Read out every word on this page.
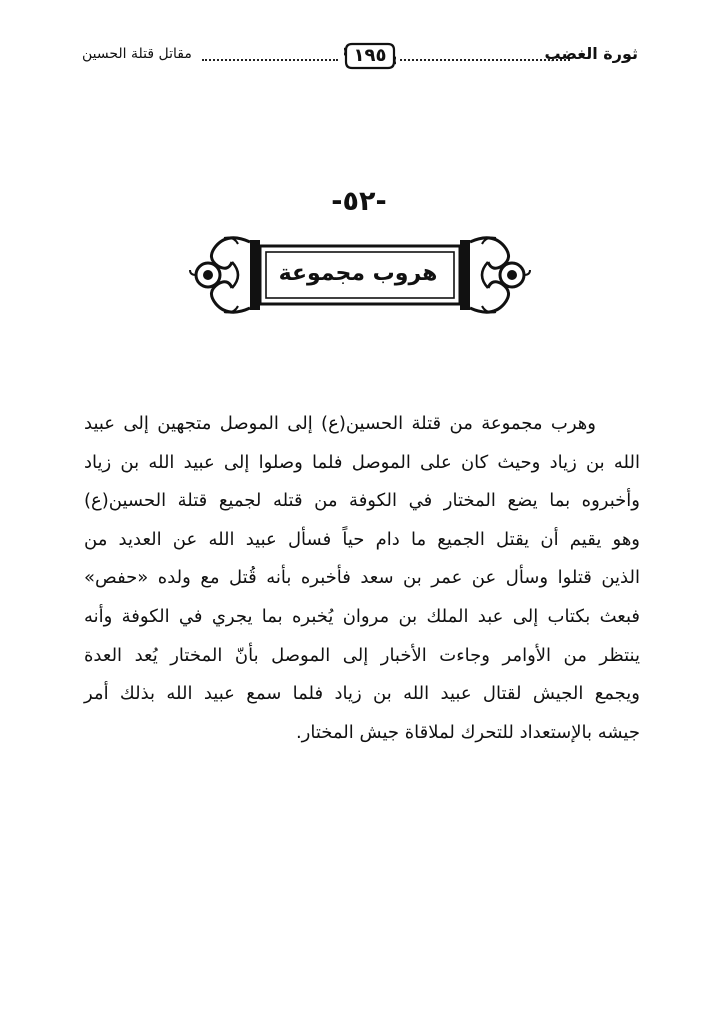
مقاتل قتلة الحسين	١٩٥	ثورة الغضب
-٥٢-
هروب مجموعة
وهرب مجموعة من قتلة الحسين(ع) إلى الموصل متجهين إلى عبيد
الله بن زياد وحيث كان على الموصل فلما وصلوا إلى عبيد الله بن زياد
وأخبروه بما يضع المختار في الكوفة من قتله لجميع قتلة الحسين(ع)
وهو يقيم أن يقتل الجميع ما دام حياً فسأل عبيد الله عن العديد من
الذين قتلوا وسأل عن عمر بن سعد فأخبره بأنه قُتل مع ولده «حفص»
فبعث بكتاب إلى عبد الملك بن مروان يُخبره بما يجري في الكوفة وأنه
ينتظر من الأوامر وجاءت الأخبار إلى الموصل بأنّ المختار يُعد العدة
ويجمع الجيش لقتال عبيد الله بن زياد فلما سمع عبيد الله بذلك أمر
جيشه بالإستعداد للتحرك لملاقاة جيش المختار.
